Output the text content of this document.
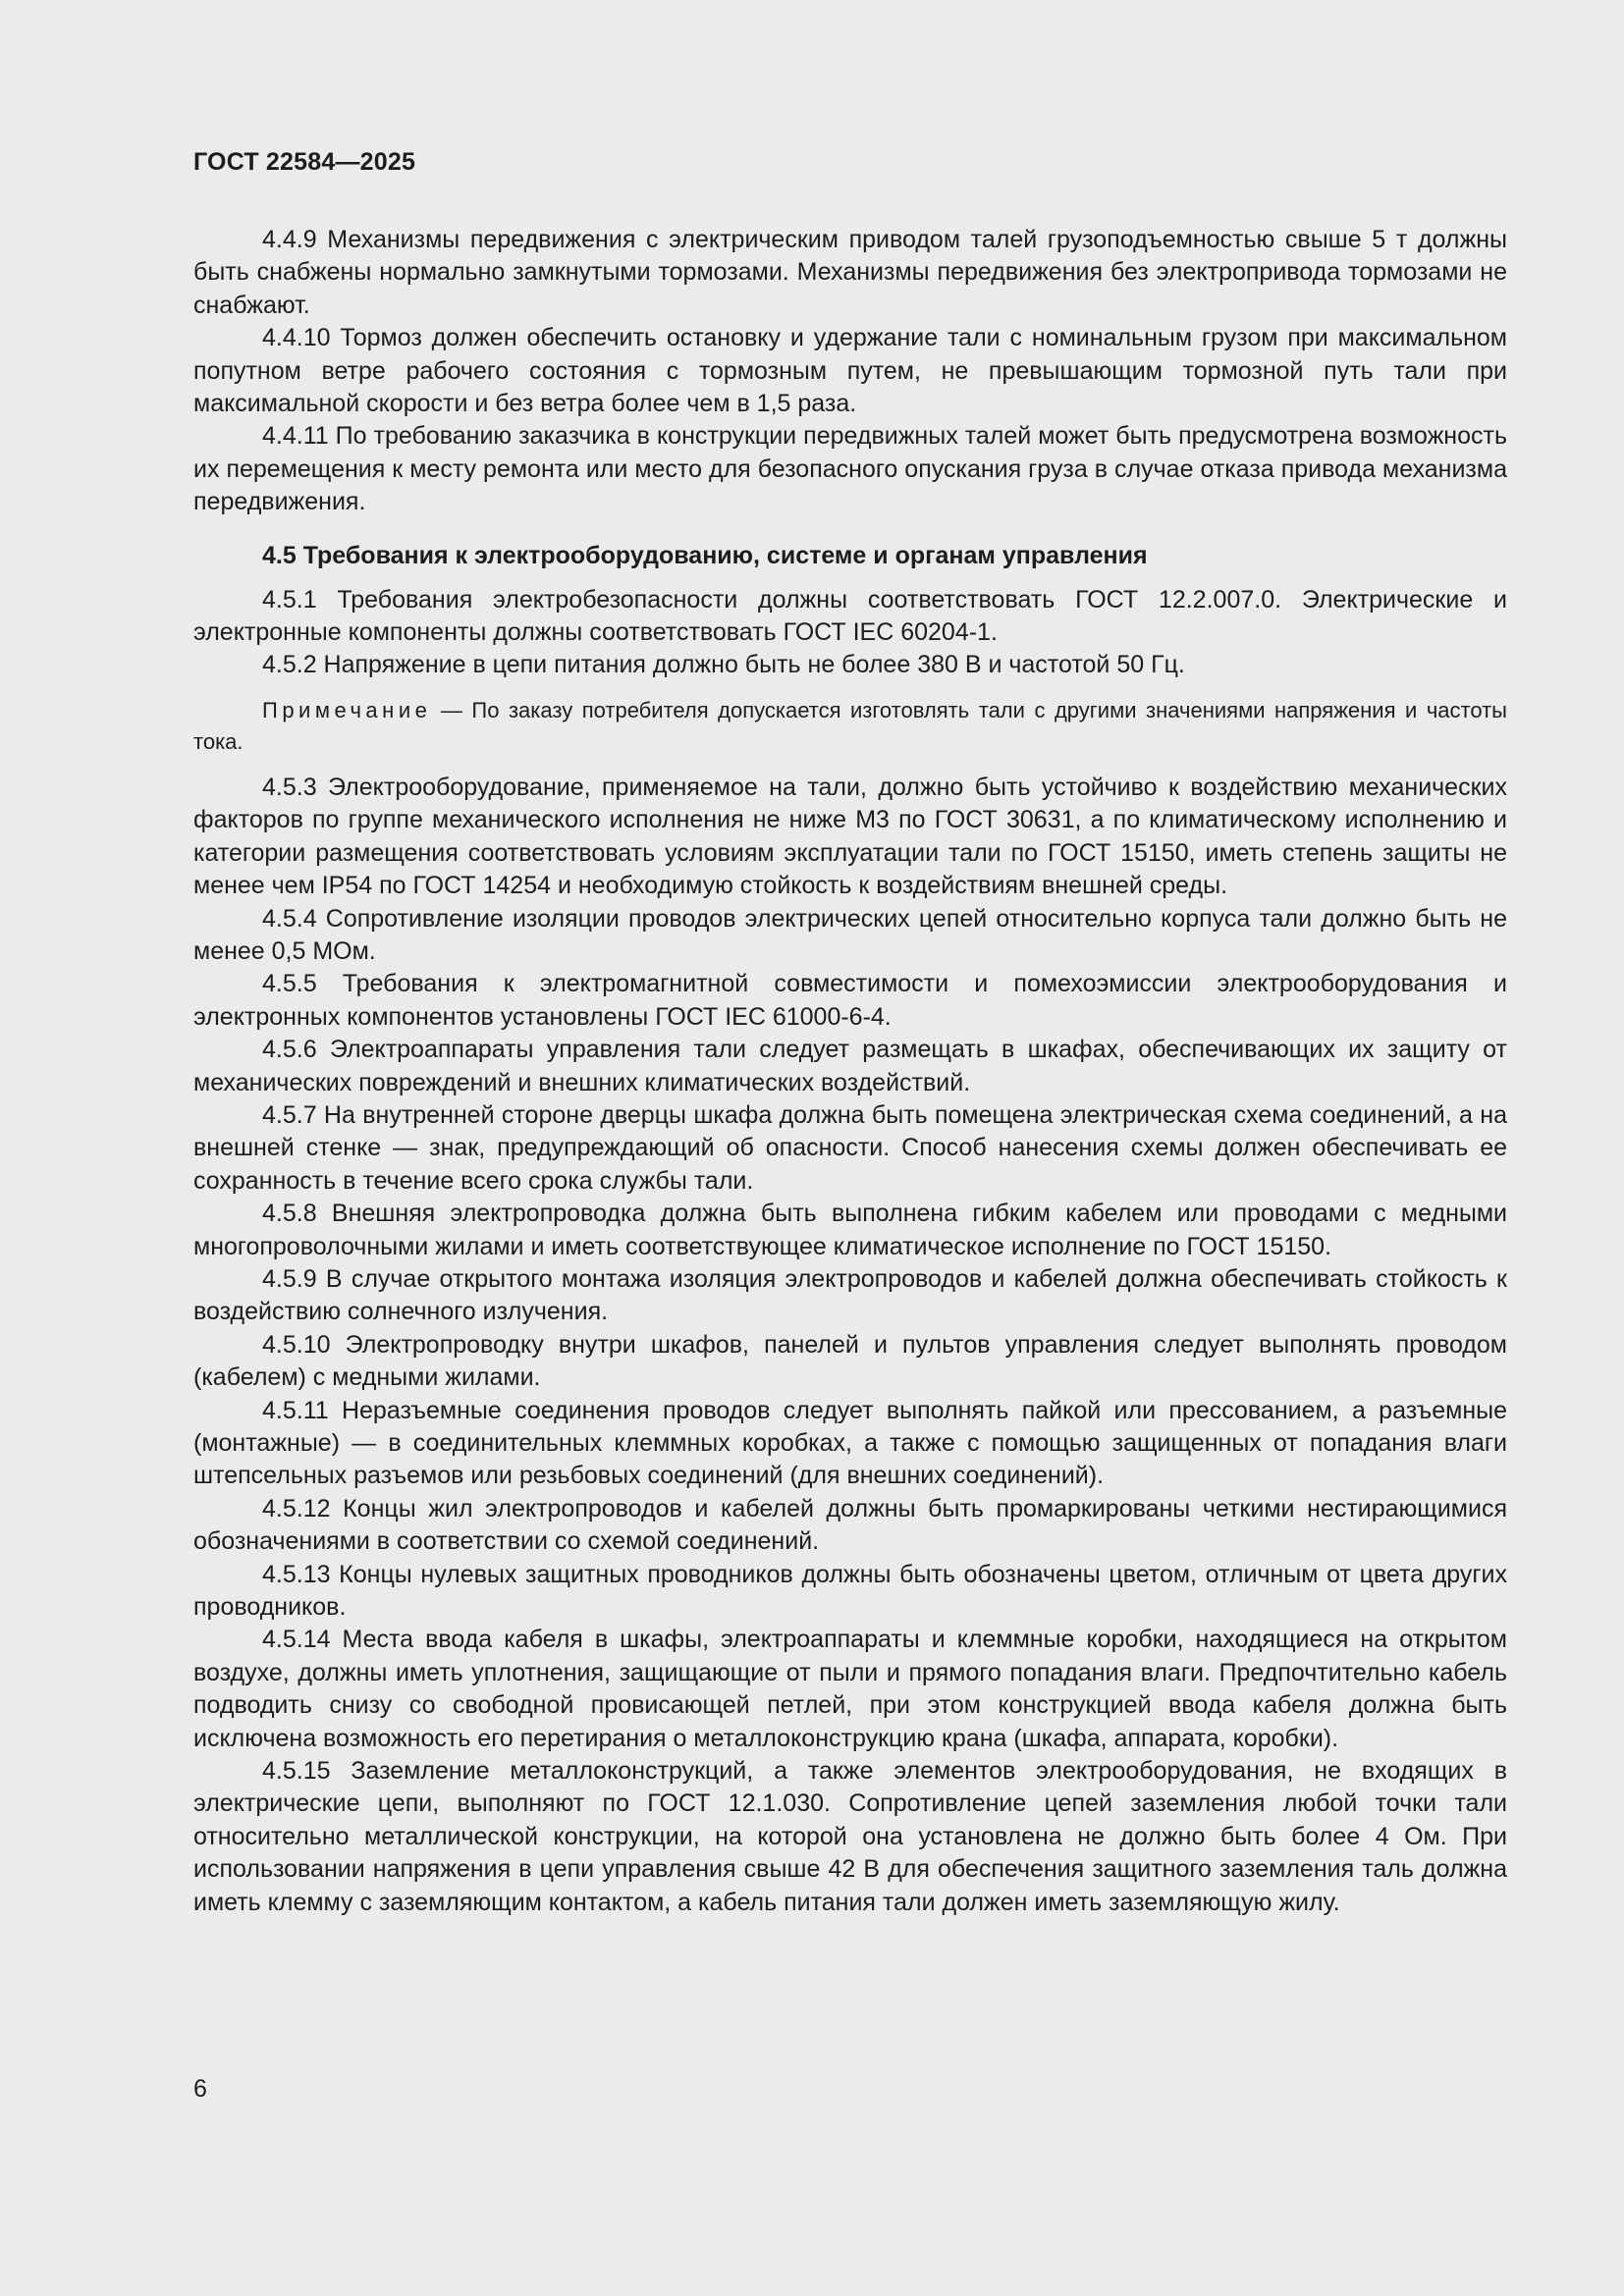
ГОСТ 22584—2025

4.4.9 Механизмы передвижения с электрическим приводом талей грузоподъемностью свыше 5 т должны быть снабжены нормально замкнутыми тормозами. Механизмы передвижения без электропривода тормозами не снабжают.

4.4.10 Тормоз должен обеспечить остановку и удержание тали с номинальным грузом при максимальном попутном ветре рабочего состояния с тормозным путем, не превышающим тормозной путь тали при максимальной скорости и без ветра более чем в 1,5 раза.

4.4.11 По требованию заказчика в конструкции передвижных талей может быть предусмотрена возможность их перемещения к месту ремонта или место для безопасного опускания груза в случае отказа привода механизма передвижения.

4.5 Требования к электрооборудованию, системе и органам управления

4.5.1 Требования электробезопасности должны соответствовать ГОСТ 12.2.007.0. Электрические и электронные компоненты должны соответствовать ГОСТ IEC 60204-1.

4.5.2 Напряжение в цепи питания должно быть не более 380 В и частотой 50 Гц.

Примечание — По заказу потребителя допускается изготовлять тали с другими значениями напряжения и частоты тока.

4.5.3 Электрооборудование, применяемое на тали, должно быть устойчиво к воздействию механических факторов по группе механического исполнения не ниже М3 по ГОСТ 30631, а по климатическому исполнению и категории размещения соответствовать условиям эксплуатации тали по ГОСТ 15150, иметь степень защиты не менее чем IP54 по ГОСТ 14254 и необходимую стойкость к воздействиям внешней среды.

4.5.4 Сопротивление изоляции проводов электрических цепей относительно корпуса тали должно быть не менее 0,5 МОм.

4.5.5 Требования к электромагнитной совместимости и помехоэмиссии электрооборудования и электронных компонентов установлены ГОСТ IEC 61000-6-4.

4.5.6 Электроаппараты управления тали следует размещать в шкафах, обеспечивающих их защиту от механических повреждений и внешних климатических воздействий.

4.5.7 На внутренней стороне дверцы шкафа должна быть помещена электрическая схема соединений, а на внешней стенке — знак, предупреждающий об опасности. Способ нанесения схемы должен обеспечивать ее сохранность в течение всего срока службы тали.

4.5.8 Внешняя электропроводка должна быть выполнена гибким кабелем или проводами с медными многопроволочными жилами и иметь соответствующее климатическое исполнение по ГОСТ 15150.

4.5.9 В случае открытого монтажа изоляция электропроводов и кабелей должна обеспечивать стойкость к воздействию солнечного излучения.

4.5.10 Электропроводку внутри шкафов, панелей и пультов управления следует выполнять проводом (кабелем) с медными жилами.

4.5.11 Неразъемные соединения проводов следует выполнять пайкой или прессованием, а разъемные (монтажные) — в соединительных клеммных коробках, а также с помощью защищенных от попадания влаги штепсельных разъемов или резьбовых соединений (для внешних соединений).

4.5.12 Концы жил электропроводов и кабелей должны быть промаркированы четкими нестирающимися обозначениями в соответствии со схемой соединений.

4.5.13 Концы нулевых защитных проводников должны быть обозначены цветом, отличным от цвета других проводников.

4.5.14 Места ввода кабеля в шкафы, электроаппараты и клеммные коробки, находящиеся на открытом воздухе, должны иметь уплотнения, защищающие от пыли и прямого попадания влаги. Предпочтительно кабель подводить снизу со свободной провисающей петлей, при этом конструкцией ввода кабеля должна быть исключена возможность его перетирания о металлоконструкцию крана (шкафа, аппарата, коробки).

4.5.15 Заземление металлоконструкций, а также элементов электрооборудования, не входящих в электрические цепи, выполняют по ГОСТ 12.1.030. Сопротивление цепей заземления любой точки тали относительно металлической конструкции, на которой она установлена не должно быть более 4 Ом. При использовании напряжения в цепи управления свыше 42 В для обеспечения защитного заземления таль должна иметь клемму с заземляющим контактом, а кабель питания тали должен иметь заземляющую жилу.

6
